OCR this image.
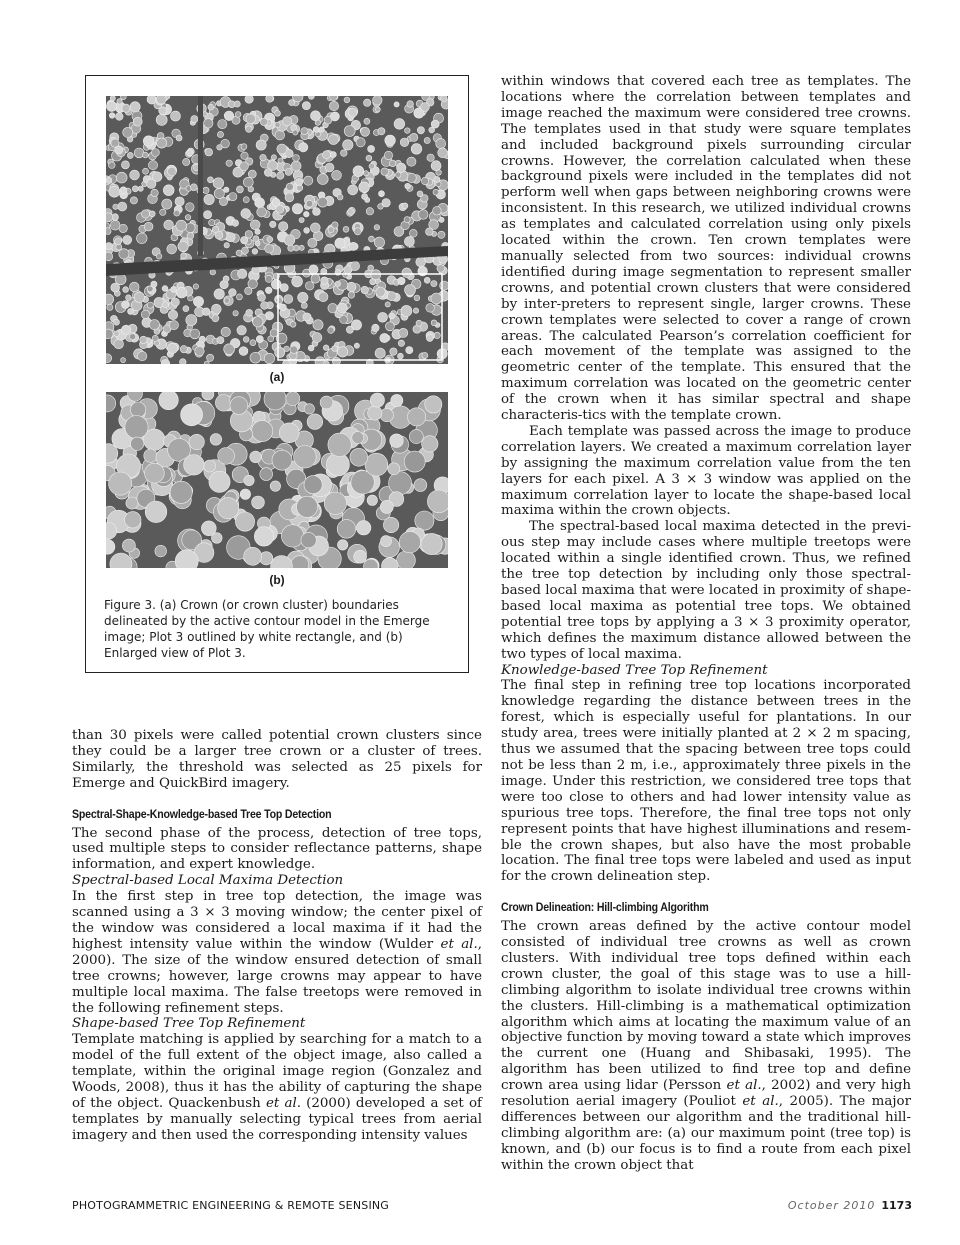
(a)
(b)
Figure 3. (a) Crown (or crown cluster) boundaries delineated by the active contour model in the Emerge image; Plot 3 outlined by white rectangle, and (b) Enlarged view of Plot 3.

than 30 pixels were called potential crown clusters since they could be a larger tree crown or a cluster of trees. Similarly, the threshold was selected as 25 pixels for Emerge and QuickBird imagery.

Spectral-Shape-Knowledge-based Tree Top Detection

The second phase of the process, detection of tree tops, used multiple steps to consider reflectance patterns, shape information, and expert knowledge.

Spectral-based Local Maxima Detection

In the first step in tree top detection, the image was scanned using a 3 × 3 moving window; the center pixel of the window was considered a local maxima if it had the highest intensity value within the window (Wulder et al., 2000). The size of the window ensured detection of small tree crowns; however, large crowns may appear to have multiple local maxima. The false treetops were removed in the following refinement steps.

Shape-based Tree Top Refinement

Template matching is applied by searching for a match to a model of the full extent of the object image, also called a template, within the original image region (Gonzalez and Woods, 2008), thus it has the ability of capturing the shape of the object. Quackenbush et al. (2000) developed a set of templates by manually selecting typical trees from aerial imagery and then used the corresponding intensity values

within windows that covered each tree as templates. The locations where the correlation between templates and image reached the maximum were considered tree crowns. The templates used in that study were square templates and included background pixels surrounding circular crowns. However, the correlation calculated when these background pixels were included in the templates did not perform well when gaps between neighboring crowns were inconsistent. In this research, we utilized individual crowns as templates and calculated correlation using only pixels located within the crown. Ten crown templates were manually selected from two sources: individual crowns identified during image segmentation to represent smaller crowns, and potential crown clusters that were considered by inter-preters to represent single, larger crowns. These crown templates were selected to cover a range of crown areas. The calculated Pearson’s correlation coefficient for each movement of the template was assigned to the geometric center of the template. This ensured that the maximum correlation was located on the geometric center of the crown when it has similar spectral and shape characteris-tics with the template crown.

Each template was passed across the image to produce correlation layers. We created a maximum correlation layer by assigning the maximum correlation value from the ten layers for each pixel. A 3 × 3 window was applied on the maximum correlation layer to locate the shape-based local maxima within the crown objects.

The spectral-based local maxima detected in the previ-ous step may include cases where multiple treetops were located within a single identified crown. Thus, we refined the tree top detection by including only those spectral-based local maxima that were located in proximity of shape-based local maxima as potential tree tops. We obtained potential tree tops by applying a 3 × 3 proximity operator, which defines the maximum distance allowed between the two types of local maxima.

Knowledge-based Tree Top Refinement

The final step in refining tree top locations incorporated knowledge regarding the distance between trees in the forest, which is especially useful for plantations. In our study area, trees were initially planted at 2 × 2 m spacing, thus we assumed that the spacing between tree tops could not be less than 2 m, i.e., approximately three pixels in the image. Under this restriction, we considered tree tops that were too close to others and had lower intensity value as spurious tree tops. Therefore, the final tree tops not only represent points that have highest illuminations and resem-ble the crown shapes, but also have the most probable location. The final tree tops were labeled and used as input for the crown delineation step.

Crown Delineation: Hill-climbing Algorithm

The crown areas defined by the active contour model consisted of individual tree crowns as well as crown clusters. With individual tree tops defined within each crown cluster, the goal of this stage was to use a hill-climbing algorithm to isolate individual tree crowns within the clusters. Hill-climbing is a mathematical optimization algorithm which aims at locating the maximum value of an objective function by moving toward a state which improves the current one (Huang and Shibasaki, 1995). The algorithm has been utilized to find tree top and define crown area using lidar (Persson et al., 2002) and very high resolution aerial imagery (Pouliot et al., 2005). The major differences between our algorithm and the traditional hill-climbing algorithm are: (a) our maximum point (tree top) is known, and (b) our focus is to find a route from each pixel within the crown object that

PHOTOGRAMMETRIC ENGINEERING & REMOTE SENSING	October 2010 1173
